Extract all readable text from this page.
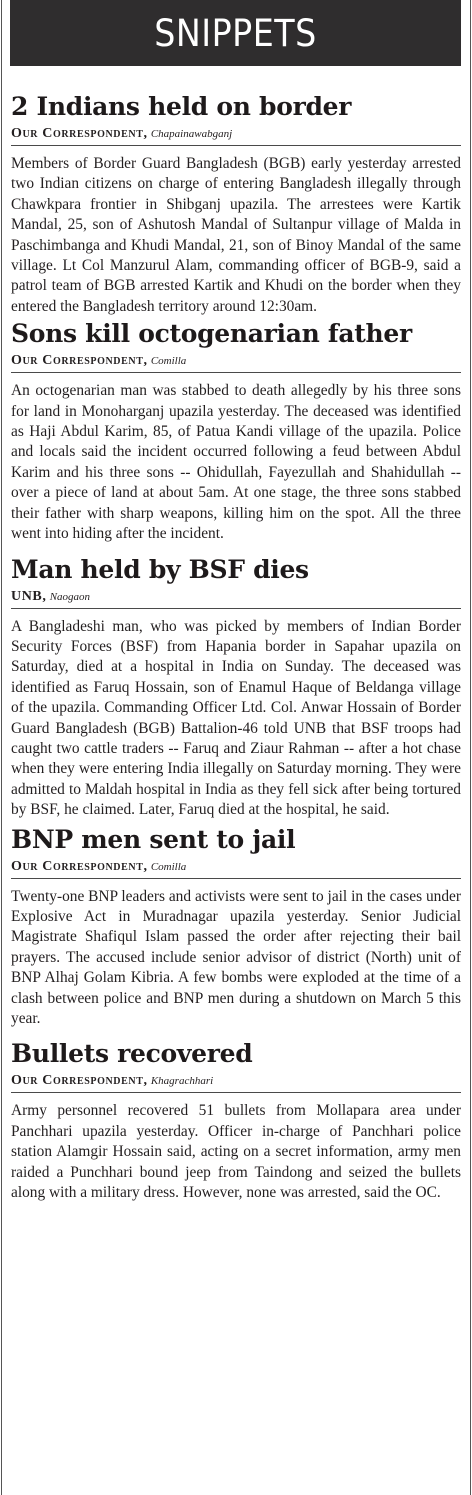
SNIPPETS
2 Indians held on border
Our Correspondent, Chapainawabganj

Members of Border Guard Bangladesh (BGB) early yesterday arrested two Indian citizens on charge of entering Bangladesh illegally through Chawkpara frontier in Shibganj upazila. The arrestees were Kartik Mandal, 25, son of Ashutosh Mandal of Sultanpur village of Malda in Paschimbanga and Khudi Mandal, 21, son of Binoy Mandal of the same village. Lt Col Manzurul Alam, commanding officer of BGB-9, said a patrol team of BGB arrested Kartik and Khudi on the border when they entered the Bangladesh territory around 12:30am.

Sons kill octogenarian father
Our Correspondent, Comilla

An octogenarian man was stabbed to death allegedly by his three sons for land in Monoharganj upazila yesterday. The deceased was identified as Haji Abdul Karim, 85, of Patua Kandi village of the upazila. Police and locals said the incident occurred following a feud between Abdul Karim and his three sons -- Ohidullah, Fayezullah and Shahidullah -- over a piece of land at about 5am. At one stage, the three sons stabbed their father with sharp weapons, killing him on the spot. All the three went into hiding after the incident.

Man held by BSF dies
UNB, Naogaon

A Bangladeshi man, who was picked by members of Indian Border Security Forces (BSF) from Hapania border in Sapahar upazila on Saturday, died at a hospital in India on Sunday. The deceased was identified as Faruq Hossain, son of Enamul Haque of Beldanga village of the upazila. Commanding Officer Ltd. Col. Anwar Hossain of Border Guard Bangladesh (BGB) Battalion-46 told UNB that BSF troops had caught two cattle traders -- Faruq and Ziaur Rahman -- after a hot chase when they were entering India illegally on Saturday morning. They were admitted to Maldah hospital in India as they fell sick after being tortured by BSF, he claimed. Later, Faruq died at the hospital, he said.

BNP men sent to jail
Our Correspondent, Comilla

Twenty-one BNP leaders and activists were sent to jail in the cases under Explosive Act in Muradnagar upazila yesterday. Senior Judicial Magistrate Shafiqul Islam passed the order after rejecting their bail prayers. The accused include senior advisor of district (North) unit of BNP Alhaj Golam Kibria. A few bombs were exploded at the time of a clash between police and BNP men during a shutdown on March 5 this year.

Bullets recovered
Our Correspondent, Khagrachhari

Army personnel recovered 51 bullets from Mollapara area under Panchhari upazila yesterday. Officer in-charge of Panchhari police station Alamgir Hossain said, acting on a secret information, army men raided a Punchhari bound jeep from Taindong and seized the bullets along with a military dress. However, none was arrested, said the OC.
